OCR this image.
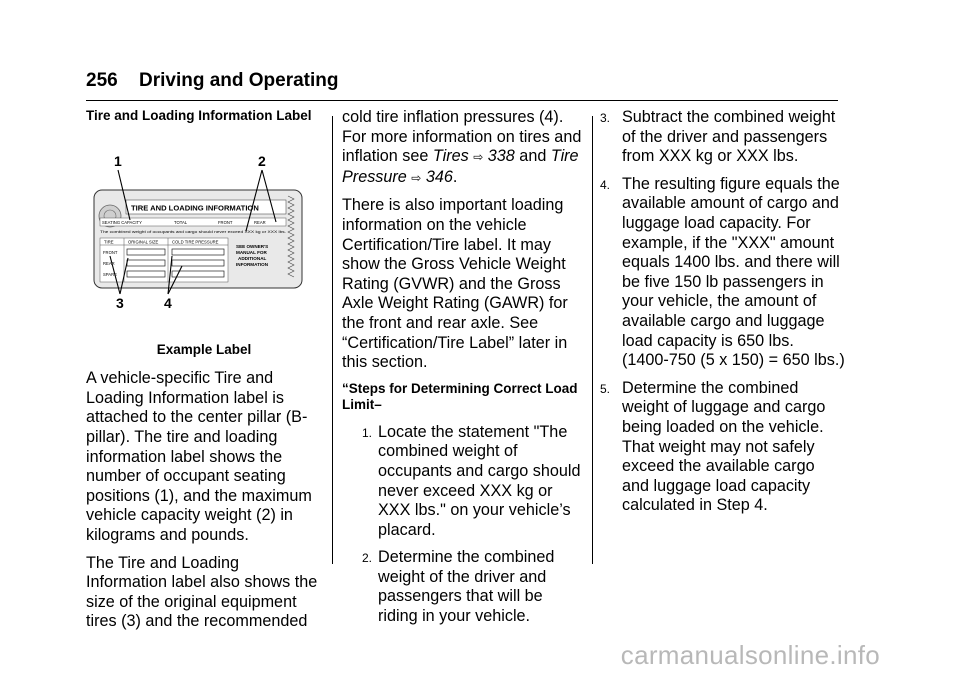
256 Driving and Operating
Tire and Loading Information Label
1	2
3	4
TIRE AND LOADING INFORMATION
SEATING CAPACITY	TOTAL	FRONT	REAR
The combined weight of occupants and cargo should never exceed XXX kg or XXX lbs.
TIRE	ORIGINAL SIZE	COLD TIRE PRESSURE
FRONT
REAR
SPARE
SEE OWNER'S
MANUAL FOR
ADDITIONAL
INFORMATION
Example Label

A vehicle-specific Tire and Loading Information label is attached to the center pillar (B-pillar). The tire and loading information label shows the number of occupant seating positions (1), and the maximum vehicle capacity weight (2) in kilograms and pounds.

The Tire and Loading Information label also shows the size of the original equipment tires (3) and the recommended

cold tire inflation pressures (4). For more information on tires and inflation see Tires ⇨ 338 and Tire Pressure ⇨ 346.

There is also important loading information on the vehicle Certification/Tire label. It may show the Gross Vehicle Weight Rating (GVWR) and the Gross Axle Weight Rating (GAWR) for the front and rear axle. See “Certification/Tire Label” later in this section.

“Steps for Determining Correct Load Limit–
1. Locate the statement "The combined weight of occupants and cargo should never exceed XXX kg or XXX lbs." on your vehicle’s placard.
2. Determine the combined weight of the driver and passengers that will be riding in your vehicle.
3. Subtract the combined weight of the driver and passengers from XXX kg or XXX lbs.
4. The resulting figure equals the available amount of cargo and luggage load capacity. For example, if the "XXX" amount equals 1400 lbs. and there will be five 150 lb passengers in your vehicle, the amount of available cargo and luggage load capacity is 650 lbs. (1400-750 (5 x 150) = 650 lbs.)
5. Determine the combined weight of luggage and cargo being loaded on the vehicle. That weight may not safely exceed the available cargo and luggage load capacity calculated in Step 4.
carmanualsonline.info
